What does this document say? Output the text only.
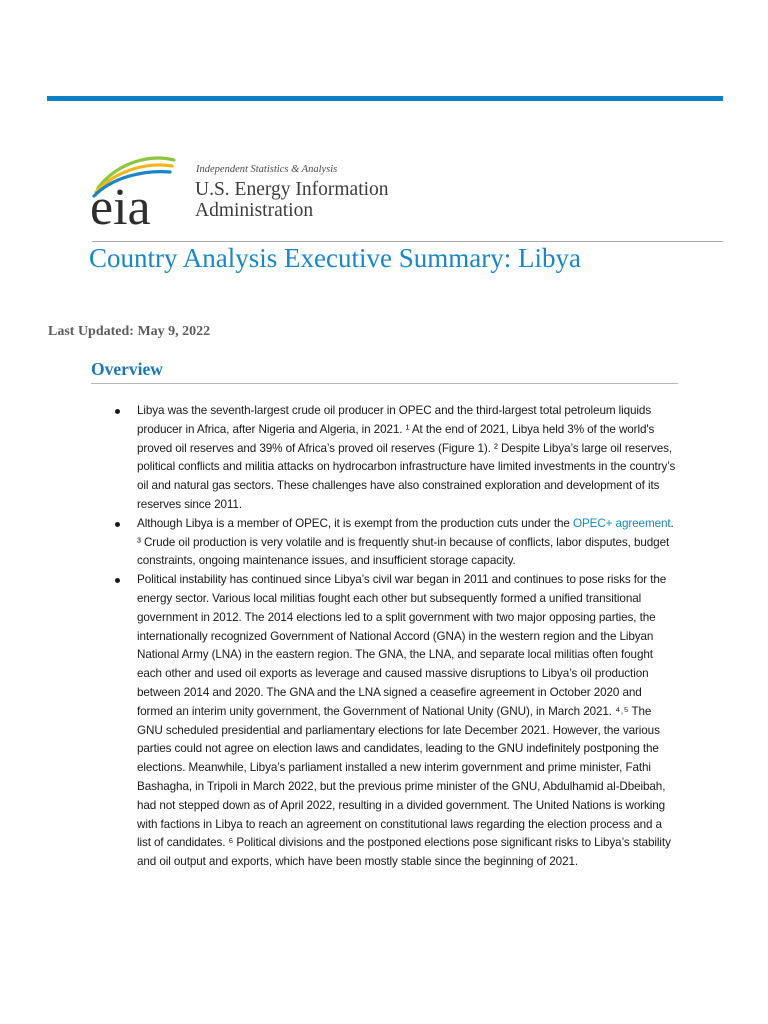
eia
Independent Statistics & Analysis
U.S. Energy Information
Administration
Country Analysis Executive Summary: Libya
Last Updated: May 9, 2022
Overview
Libya was the seventh-largest crude oil producer in OPEC and the third-largest total petroleum liquids producer in Africa, after Nigeria and Algeria, in 2021. ¹ At the end of 2021, Libya held 3% of the world's proved oil reserves and 39% of Africa’s proved oil reserves (Figure 1). ² Despite Libya’s large oil reserves, political conflicts and militia attacks on hydrocarbon infrastructure have limited investments in the country’s oil and natural gas sectors. These challenges have also constrained exploration and development of its reserves since 2011.
Although Libya is a member of OPEC, it is exempt from the production cuts under the OPEC+ agreement. ³ Crude oil production is very volatile and is frequently shut-in because of conflicts, labor disputes, budget constraints, ongoing maintenance issues, and insufficient storage capacity.
Political instability has continued since Libya’s civil war began in 2011 and continues to pose risks for the energy sector. Various local militias fought each other but subsequently formed a unified transitional government in 2012. The 2014 elections led to a split government with two major opposing parties, the internationally recognized Government of National Accord (GNA) in the western region and the Libyan National Army (LNA) in the eastern region. The GNA, the LNA, and separate local militias often fought each other and used oil exports as leverage and caused massive disruptions to Libya’s oil production between 2014 and 2020. The GNA and the LNA signed a ceasefire agreement in October 2020 and formed an interim unity government, the Government of National Unity (GNU), in March 2021. ⁴˒⁵ The GNU scheduled presidential and parliamentary elections for late December 2021. However, the various parties could not agree on election laws and candidates, leading to the GNU indefinitely postponing the elections. Meanwhile, Libya’s parliament installed a new interim government and prime minister, Fathi Bashagha, in Tripoli in March 2022, but the previous prime minister of the GNU, Abdulhamid al-Dbeibah, had not stepped down as of April 2022, resulting in a divided government. The United Nations is working with factions in Libya to reach an agreement on constitutional laws regarding the election process and a list of candidates. ⁶ Political divisions and the postponed elections pose significant risks to Libya’s stability and oil output and exports, which have been mostly stable since the beginning of 2021.
